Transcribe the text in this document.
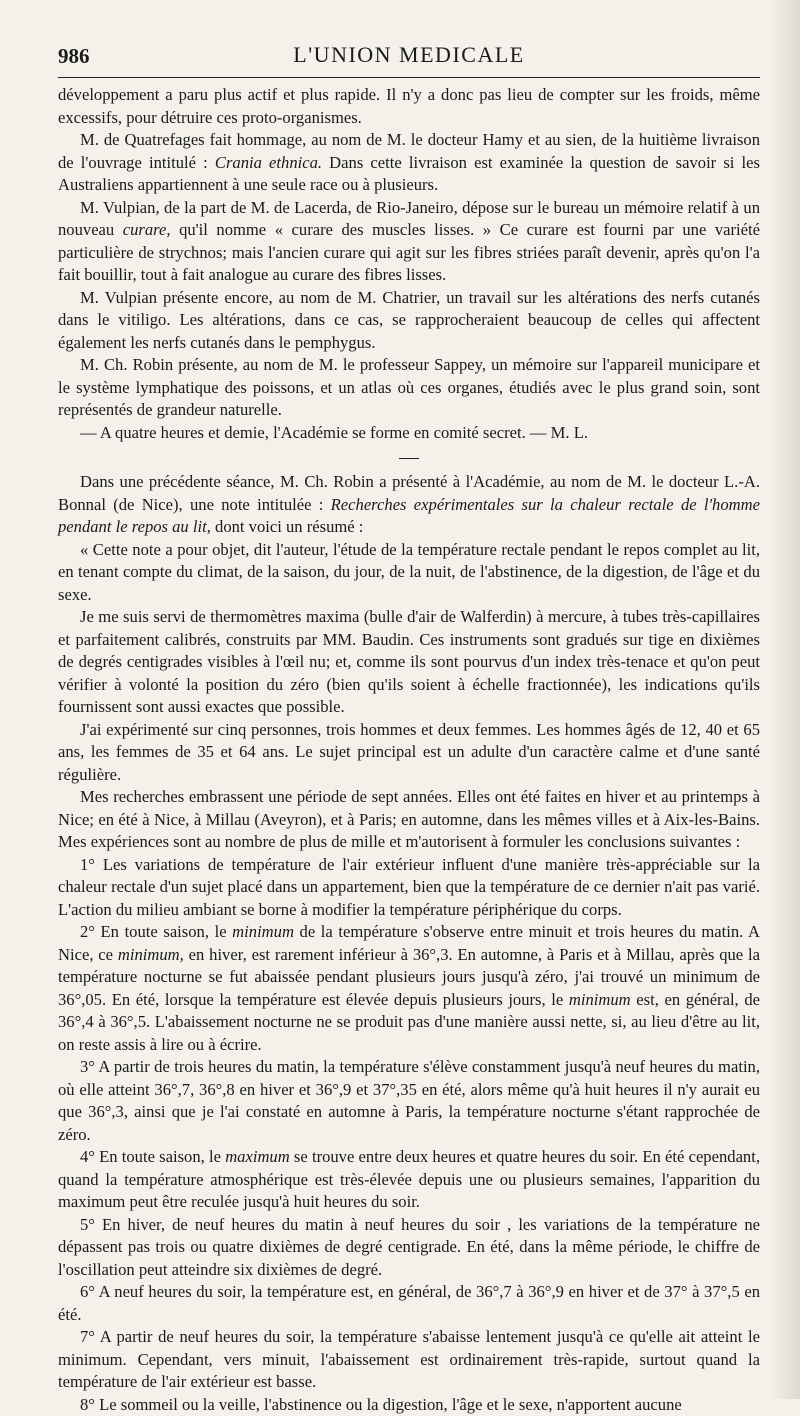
986	L'UNION MEDICALE

développement a paru plus actif et plus rapide. Il n'y a donc pas lieu de compter sur les froids, même excessifs, pour détruire ces proto-organismes.

M. de Quatrefages fait hommage, au nom de M. le docteur Hamy et au sien, de la huitième livraison de l'ouvrage intitulé : Crania ethnica. Dans cette livraison est examinée la question de savoir si les Australiens appartiennent à une seule race ou à plusieurs.

M. Vulpian, de la part de M. de Lacerda, de Rio-Janeiro, dépose sur le bureau un mémoire relatif à un nouveau curare, qu'il nomme « curare des muscles lisses. » Ce curare est fourni par une variété particulière de strychnos; mais l'ancien curare qui agit sur les fibres striées paraît devenir, après qu'on l'a fait bouillir, tout à fait analogue au curare des fibres lisses.

M. Vulpian présente encore, au nom de M. Chatrier, un travail sur les altérations des nerfs cutanés dans le vitiligo. Les altérations, dans ce cas, se rapprocheraient beaucoup de celles qui affectent également les nerfs cutanés dans le pemphygus.

M. Ch. Robin présente, au nom de M. le professeur Sappey, un mémoire sur l'appareil municipare et le système lymphatique des poissons, et un atlas où ces organes, étudiés avec le plus grand soin, sont représentés de grandeur naturelle.

— A quatre heures et demie, l'Académie se forme en comité secret. — M. L.

Dans une précédente séance, M. Ch. Robin a présenté à l'Académie, au nom de M. le docteur L.-A. Bonnal (de Nice), une note intitulée : Recherches expérimentales sur la chaleur rectale de l'homme pendant le repos au lit, dont voici un résumé :

« Cette note a pour objet, dit l'auteur, l'étude de la température rectale pendant le repos complet au lit, en tenant compte du climat, de la saison, du jour, de la nuit, de l'abstinence, de la digestion, de l'âge et du sexe.

Je me suis servi de thermomètres maxima (bulle d'air de Walferdin) à mercure, à tubes très-capillaires et parfaitement calibrés, construits par MM. Baudin. Ces instruments sont gradués sur tige en dixièmes de degrés centigrades visibles à l'œil nu; et, comme ils sont pourvus d'un index très-tenace et qu'on peut vérifier à volonté la position du zéro (bien qu'ils soient à échelle fractionnée), les indications qu'ils fournissent sont aussi exactes que possible.

J'ai expérimenté sur cinq personnes, trois hommes et deux femmes. Les hommes âgés de 12, 40 et 65 ans, les femmes de 35 et 64 ans. Le sujet principal est un adulte d'un caractère calme et d'une santé régulière.

Mes recherches embrassent une période de sept années. Elles ont été faites en hiver et au printemps à Nice; en été à Nice, à Millau (Aveyron), et à Paris; en automne, dans les mêmes villes et à Aix-les-Bains. Mes expériences sont au nombre de plus de mille et m'autorisent à formuler les conclusions suivantes :

1° Les variations de température de l'air extérieur influent d'une manière très-appréciable sur la chaleur rectale d'un sujet placé dans un appartement, bien que la température de ce dernier n'ait pas varié. L'action du milieu ambiant se borne à modifier la température périphérique du corps.

2° En toute saison, le minimum de la température s'observe entre minuit et trois heures du matin. A Nice, ce minimum, en hiver, est rarement inférieur à 36°,3. En automne, à Paris et à Millau, après que la température nocturne se fut abaissée pendant plusieurs jours jusqu'à zéro, j'ai trouvé un minimum de 36°,05. En été, lorsque la température est élevée depuis plusieurs jours, le minimum est, en général, de 36°,4 à 36°,5. L'abaissement nocturne ne se produit pas d'une manière aussi nette, si, au lieu d'être au lit, on reste assis à lire ou à écrire.

3° A partir de trois heures du matin, la température s'élève constamment jusqu'à neuf heures du matin, où elle atteint 36°,7, 36°,8 en hiver et 36°,9 et 37°,35 en été, alors même qu'à huit heures il n'y aurait eu que 36°,3, ainsi que je l'ai constaté en automne à Paris, la température nocturne s'étant rapprochée de zéro.

4° En toute saison, le maximum se trouve entre deux heures et quatre heures du soir. En été cependant, quand la température atmosphérique est très-élevée depuis une ou plusieurs semaines, l'apparition du maximum peut être reculée jusqu'à huit heures du soir.

5° En hiver, de neuf heures du matin à neuf heures du soir , les variations de la température ne dépassent pas trois ou quatre dixièmes de degré centigrade. En été, dans la même période, le chiffre de l'oscillation peut atteindre six dixièmes de degré.

6° A neuf heures du soir, la température est, en général, de 36°,7 à 36°,9 en hiver et de 37° à 37°,5 en été.

7° A partir de neuf heures du soir, la température s'abaisse lentement jusqu'à ce qu'elle ait atteint le minimum. Cependant, vers minuit, l'abaissement est ordinairement très-rapide, surtout quand la température de l'air extérieur est basse.

8° Le sommeil ou la veille, l'abstinence ou la digestion, l'âge et le sexe, n'apportent aucune
